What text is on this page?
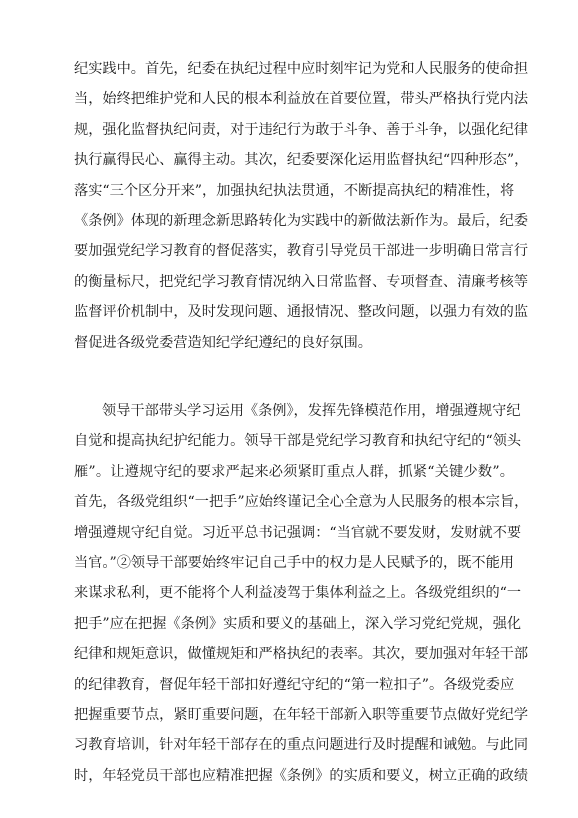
纪实践中。首先，纪委在执纪过程中应时刻牢记为党和人民服务的使命担
当，始终把维护党和人民的根本利益放在首要位置，带头严格执行党内法
规，强化监督执纪问责，对于违纪行为敢于斗争、善于斗争，以强化纪律
执行赢得民心、赢得主动。其次，纪委要深化运用监督执纪“四种形态”，
落实“三个区分开来”，加强执纪执法贯通，不断提高执纪的精准性，将
《条例》体现的新理念新思路转化为实践中的新做法新作为。最后，纪委
要加强党纪学习教育的督促落实，教育引导党员干部进一步明确日常言行
的衡量标尺，把党纪学习教育情况纳入日常监督、专项督查、清廉考核等
监督评价机制中，及时发现问题、通报情况、整改问题，以强力有效的监
督促进各级党委营造知纪学纪遵纪的良好氛围。

领导干部带头学习运用《条例》，发挥先锋模范作用，增强遵规守纪
自觉和提高执纪护纪能力。领导干部是党纪学习教育和执纪守纪的“领头
雁”。让遵规守纪的要求严起来必须紧盯重点人群，抓紧“关键少数”。
首先，各级党组织“一把手”应始终谨记全心全意为人民服务的根本宗旨，
增强遵规守纪自觉。习近平总书记强调：“当官就不要发财，发财就不要
当官。”②领导干部要始终牢记自己手中的权力是人民赋予的，既不能用
来谋求私利，更不能将个人利益凌驾于集体利益之上。各级党组织的“一
把手”应在把握《条例》实质和要义的基础上，深入学习党纪党规，强化
纪律和规矩意识，做懂规矩和严格执纪的表率。其次，要加强对年轻干部
的纪律教育，督促年轻干部扣好遵纪守纪的“第一粒扣子”。各级党委应
把握重要节点，紧盯重要问题，在年轻干部新入职等重要节点做好党纪学
习教育培训，针对年轻干部存在的重点问题进行及时提醒和诫勉。与此同
时，年轻党员干部也应精准把握《条例》的实质和要义，树立正确的政绩
